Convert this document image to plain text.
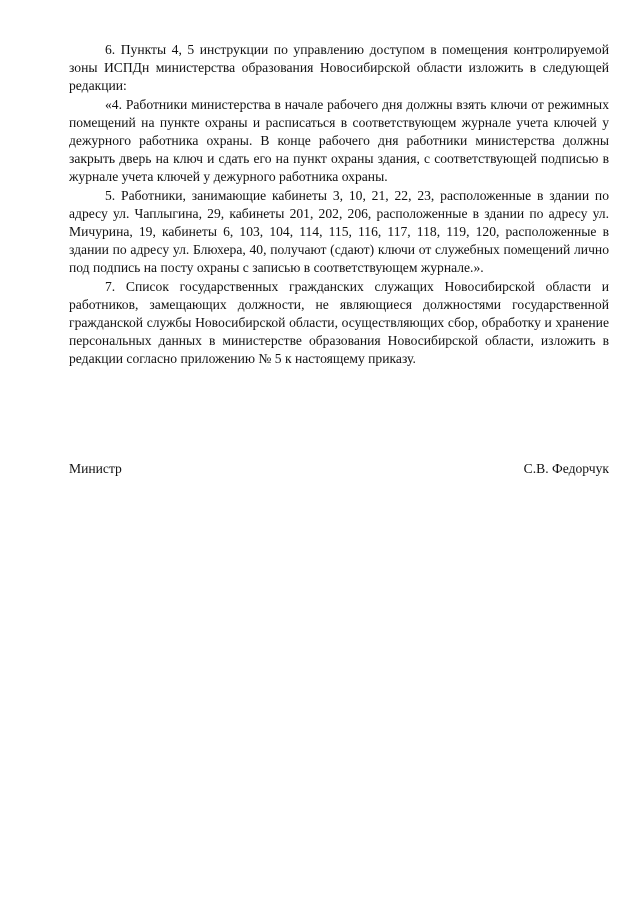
6. Пункты 4, 5 инструкции по управлению доступом в помещения контролируемой зоны ИСПДн министерства образования Новосибирской области изложить в следующей редакции:

«4. Работники министерства в начале рабочего дня должны взять ключи от режимных помещений на пункте охраны и расписаться в соответствующем журнале учета ключей у дежурного работника охраны. В конце рабочего дня работники министерства должны закрыть дверь на ключ и сдать его на пункт охраны здания, с соответствующей подписью в журнале учета ключей у дежурного работника охраны.

5. Работники, занимающие кабинеты 3, 10, 21, 22, 23, расположенные в здании по адресу ул. Чаплыгина, 29, кабинеты 201, 202, 206, расположенные в здании по адресу ул. Мичурина, 19, кабинеты 6, 103, 104, 114, 115, 116, 117, 118, 119, 120, расположенные в здании по адресу ул. Блюхера, 40, получают (сдают) ключи от служебных помещений лично под подпись на посту охраны с записью в соответствующем журнале.».

7. Список государственных гражданских служащих Новосибирской области и работников, замещающих должности, не являющиеся должностями государственной гражданской службы Новосибирской области, осуществляющих сбор, обработку и хранение персональных данных в министерстве образования Новосибирской области, изложить в редакции согласно приложению № 5 к настоящему приказу.

Министр	С.В. Федорчук
